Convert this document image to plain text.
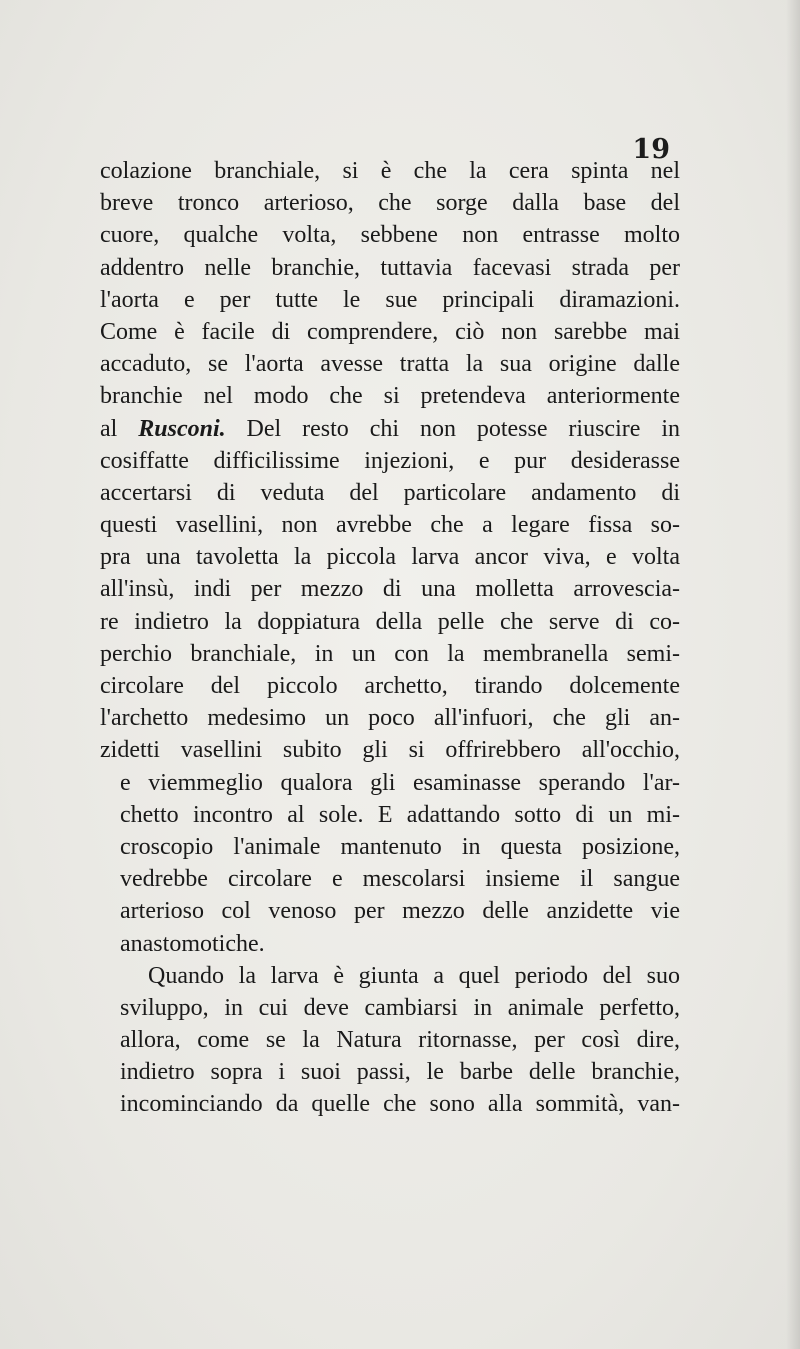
19
colazione branchiale, si è che la cera spinta nel
breve tronco arterioso, che sorge dalla base del
cuore, qualche volta, sebbene non entrasse molto
addentro nelle branchie, tuttavia facevasi strada per
l'aorta e per tutte le sue principali diramazioni.
Come è facile di comprendere, ciò non sarebbe mai
accaduto, se l'aorta avesse tratta la sua origine dalle
branchie nel modo che si pretendeva anteriormente
al Rusconi. Del resto chi non potesse riuscire in
cosiffatte difficilissime injezioni, e pur desiderasse
accertarsi di veduta del particolare andamento di
questi vasellini, non avrebbe che a legare fissa so-
pra una tavoletta la piccola larva ancor viva, e volta
all'insù, indi per mezzo di una molletta arrovescia-
re indietro la doppiatura della pelle che serve di co-
perchio branchiale, in un con la membranella semi-
circolare del piccolo archetto, tirando dolcemente
l'archetto medesimo un poco all'infuori, che gli an-
zidetti vasellini subito gli si offrirebbero all'occhio,
e viemmeglio qualora gli esaminasse sperando l'ar-
chetto incontro al sole. E adattando sotto di un mi-
croscopio l'animale mantenuto in questa posizione,
vedrebbe circolare e mescolarsi insieme il sangue
arterioso col venoso per mezzo delle anzidette vie
anastomotiche.
Quando la larva è giunta a quel periodo del suo
sviluppo, in cui deve cambiarsi in animale perfetto,
allora, come se la Natura ritornasse, per così dire,
indietro sopra i suoi passi, le barbe delle branchie,
incominciando da quelle che sono alla sommità, van-
